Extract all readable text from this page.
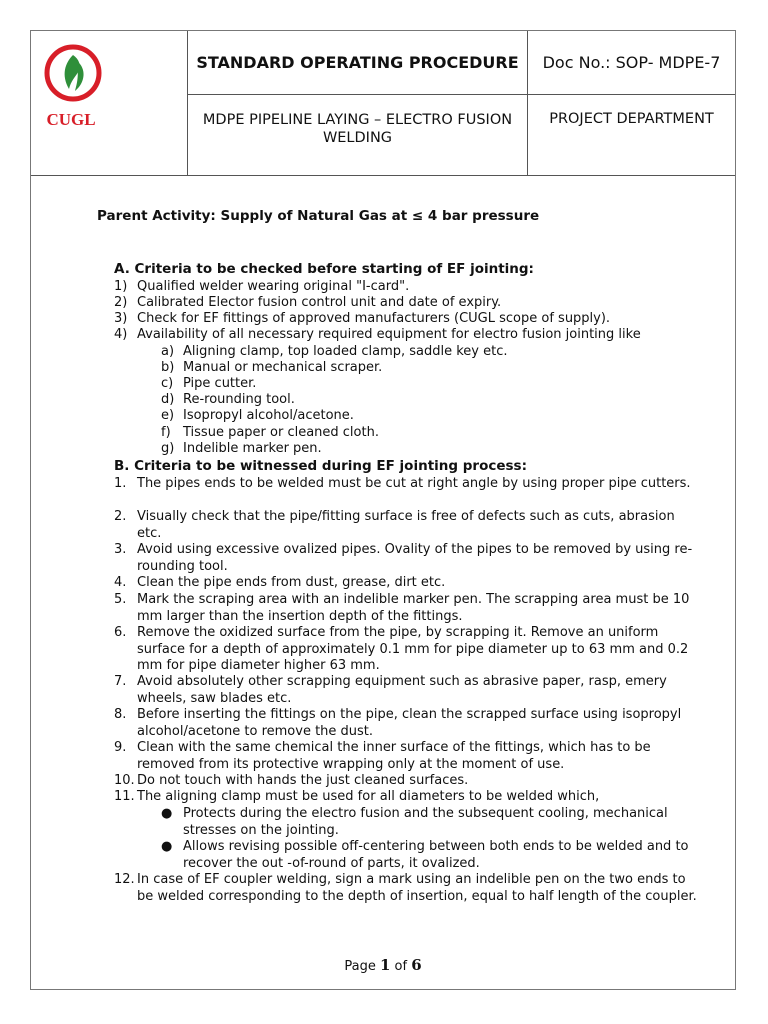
CUGL
STANDARD OPERATING PROCEDURE	Doc No.: SOP- MDPE-7
MDPE PIPELINE LAYING – ELECTRO FUSION WELDING
PROJECT DEPARTMENT
Parent Activity: Supply of Natural Gas at ≤ 4 bar pressure
A. Criteria to be checked before starting of EF jointing:
1) Qualified welder wearing original "I-card".
2) Calibrated Elector fusion control unit and date of expiry.
3) Check for EF fittings of approved manufacturers (CUGL scope of supply).
4) Availability of all necessary required equipment for electro fusion jointing like
a) Aligning clamp, top loaded clamp, saddle key etc.
b) Manual or mechanical scraper.
c) Pipe cutter.
d) Re-rounding tool.
e) Isopropyl alcohol/acetone.
f) Tissue paper or cleaned cloth.
g) Indelible marker pen.
B. Criteria to be witnessed during EF jointing process:
1. The pipes ends to be welded must be cut at right angle by using proper pipe cutters.
2. Visually check that the pipe/fitting surface is free of defects such as cuts, abrasion etc.
3. Avoid using excessive ovalized pipes. Ovality of the pipes to be removed by using re-rounding tool.
4. Clean the pipe ends from dust, grease, dirt etc.
5. Mark the scraping area with an indelible marker pen. The scrapping area must be 10 mm larger than the insertion depth of the fittings.
6. Remove the oxidized surface from the pipe, by scrapping it. Remove an uniform surface for a depth of approximately 0.1 mm for pipe diameter up to 63 mm and 0.2 mm for pipe diameter higher 63 mm.
7. Avoid absolutely other scrapping equipment such as abrasive paper, rasp, emery wheels, saw blades etc.
8. Before inserting the fittings on the pipe, clean the scrapped surface using isopropyl alcohol/acetone to remove the dust.
9. Clean with the same chemical the inner surface of the fittings, which has to be removed from its protective wrapping only at the moment of use.
10. Do not touch with hands the just cleaned surfaces.
11. The aligning clamp must be used for all diameters to be welded which,
● Protects during the electro fusion and the subsequent cooling, mechanical stresses on the jointing.
● Allows revising possible off-centering between both ends to be welded and to recover the out -of-round of parts, it ovalized.
12. In case of EF coupler welding, sign a mark using an indelible pen on the two ends to be welded corresponding to the depth of insertion, equal to half length of the coupler.
Page 1 of 6
